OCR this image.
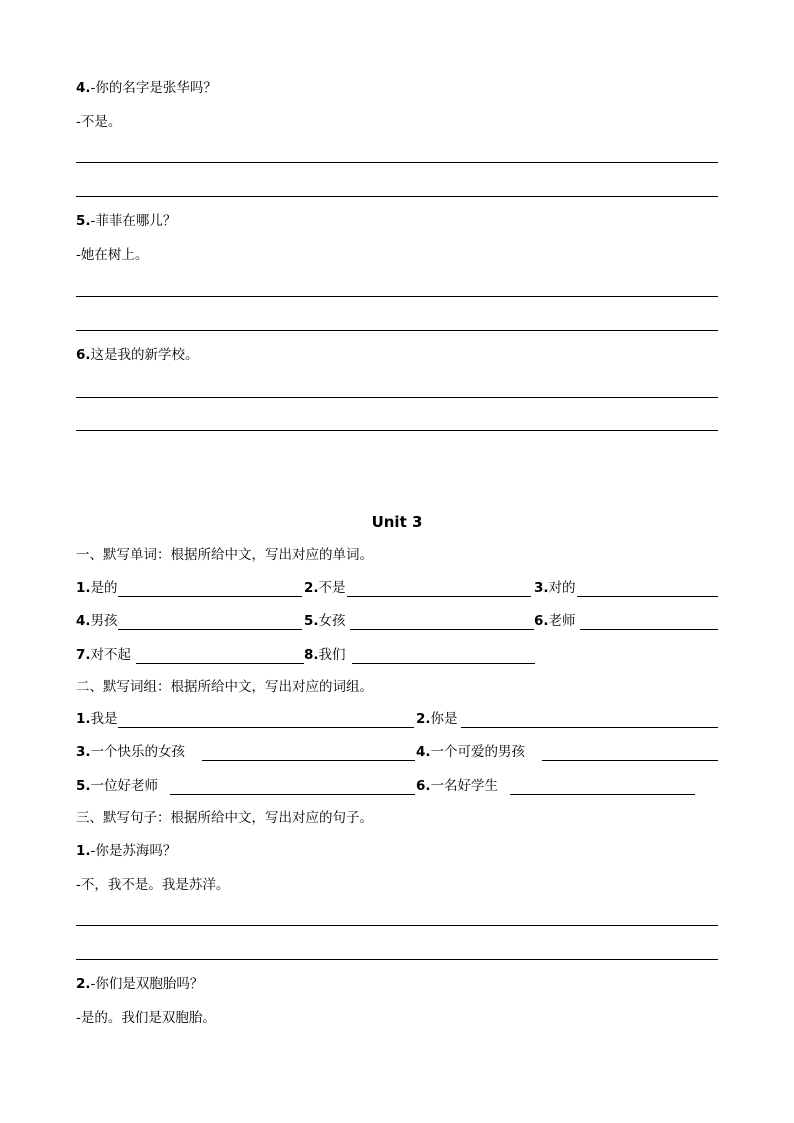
4.-你的名字是张华吗？
-不是。
5.-菲菲在哪儿？
-她在树上。
6.这是我的新学校。
Unit 3
一、默写单词：根据所给中文，写出对应的单词。
1.是的	2.不是	3.对的
4.男孩	5.女孩	6.老师
7.对不起	8.我们
二、默写词组：根据所给中文，写出对应的词组。
1.我是	2.你是
3.一个快乐的女孩	4.一个可爱的男孩
5.一位好老师	6.一名好学生
三、默写句子：根据所给中文，写出对应的句子。
1.-你是苏海吗？
-不，我不是。我是苏洋。
2.-你们是双胞胎吗？
-是的。我们是双胞胎。
